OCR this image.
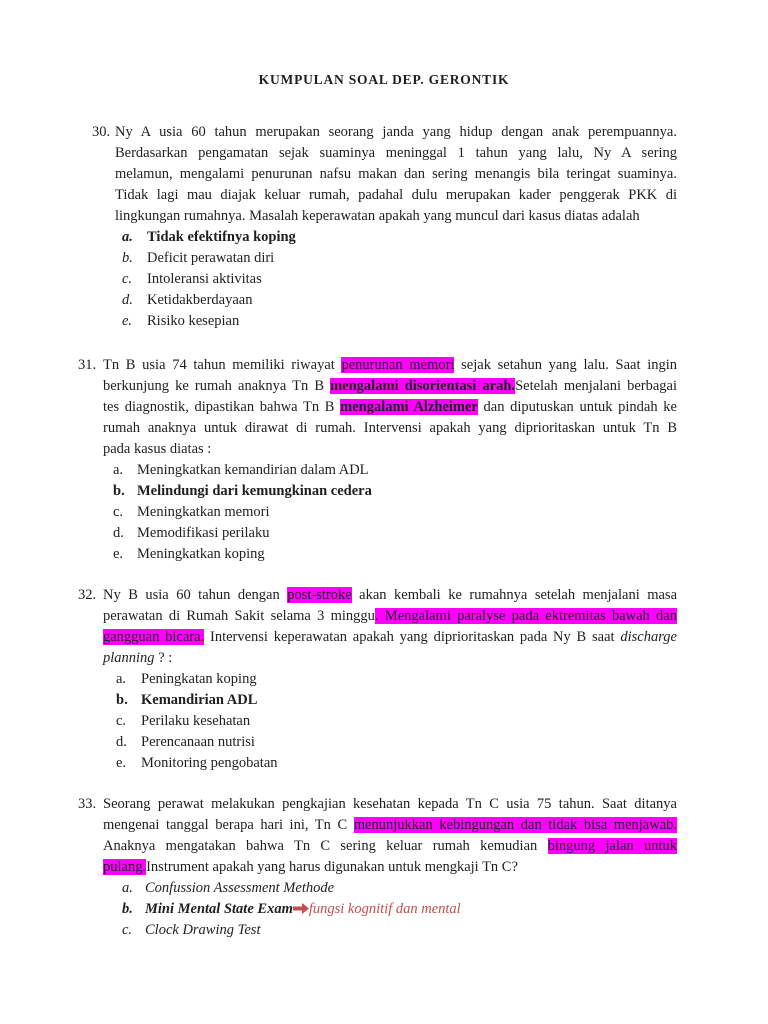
KUMPULAN SOAL DEP. GERONTIK
30. Ny A usia 60 tahun merupakan seorang janda yang hidup dengan anak perempuannya.
Berdasarkan pengamatan sejak suaminya meninggal 1 tahun yang lalu, Ny A sering
melamun, mengalami penurunan nafsu makan dan sering menangis bila teringat suaminya.
Tidak lagi mau diajak keluar rumah, padahal dulu merupakan kader penggerak PKK di
lingkungan rumahnya. Masalah keperawatan apakah yang muncul dari kasus diatas adalah
a. Tidak efektifnya koping
b. Deficit perawatan diri
c. Intoleransi aktivitas
d. Ketidakberdayaan
e. Risiko kesepian
31. Tn B usia 74 tahun memiliki riwayat penurunan memori sejak setahun yang lalu. Saat ingin
berkunjung ke rumah anaknya Tn B mengalami disorientasi arah.Setelah menjalani berbagai
tes diagnostik, dipastikan bahwa Tn B mengalami Alzheimer dan diputuskan untuk pindah ke
rumah anaknya untuk dirawat di rumah. Intervensi apakah yang diprioritaskan untuk Tn B
pada kasus diatas :
a. Meningkatkan kemandirian dalam ADL
b. Melindungi dari kemungkinan cedera
c. Meningkatkan memori
d. Memodifikasi perilaku
e. Meningkatkan koping
32. Ny B usia 60 tahun dengan post-stroke akan kembali ke rumahnya setelah menjalani masa
perawatan di Rumah Sakit selama 3 minggu. Mengalami paralyse pada ektremitas bawah dan
gangguan bicara. Intervensi keperawatan apakah yang diprioritaskan pada Ny B saat discharge
planning ? :
a. Peningkatan koping
b. Kemandirian ADL
c. Perilaku kesehatan
d. Perencanaan nutrisi
e. Monitoring pengobatan
33. Seorang perawat melakukan pengkajian kesehatan kepada Tn C usia 75 tahun. Saat ditanya
mengenai tanggal berapa hari ini, Tn C menunjukkan kebingungan dan tidak bisa menjawab.
Anaknya mengatakan bahwa Tn C sering keluar rumah kemudian bingung jalan untuk
pulang.Instrument apakah yang harus digunakan untuk mengkaji Tn C?
a. Confussion Assessment Methode
b. Mini Mental State Exam fungsi kognitif dan mental
c. Clock Drawing Test
